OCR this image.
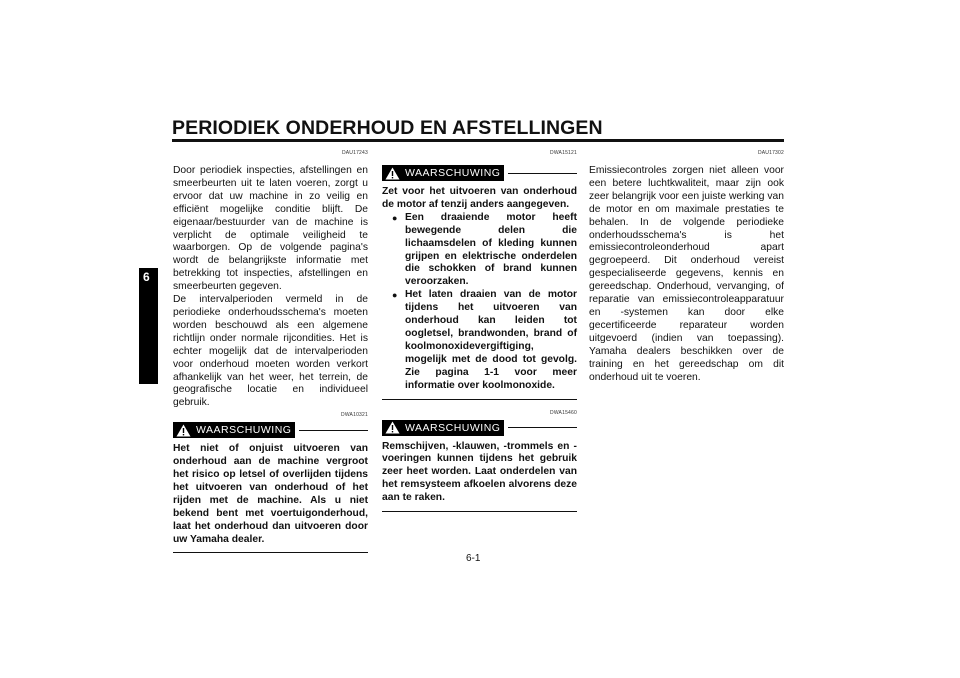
PERIODIEK ONDERHOUD EN AFSTELLINGEN
6
DAU17243

Door periodiek inspecties, afstellingen en smeerbeurten uit te laten voeren, zorgt u ervoor dat uw machine in zo veilig en efficiënt mogelijke conditie blijft. De eigenaar/bestuurder van de machine is verplicht de optimale veiligheid te waarborgen. Op de volgende pagina's wordt de belangrijkste informatie met betrekking tot inspecties, afstellingen en smeerbeurten gegeven.

De intervalperioden vermeld in de periodieke onderhoudsschema's moeten worden beschouwd als een algemene richtlijn onder normale rijcondities. Het is echter mogelijk dat de intervalperioden voor onderhoud moeten worden verkort afhankelijk van het weer, het terrein, de geografische locatie en individueel gebruik.

DWA10321
WAARSCHUWING

Het niet of onjuist uitvoeren van onderhoud aan de machine vergroot het risico op letsel of overlijden tijdens het uitvoeren van onderhoud of het rijden met de machine. Als u niet bekend bent met voertuigonderhoud, laat het onderhoud dan uitvoeren door uw Yamaha dealer.

DWA15121
WAARSCHUWING

Zet voor het uitvoeren van onderhoud de motor af tenzij anders aangegeven.

● Een draaiende motor heeft bewegende delen die lichaamsdelen of kleding kunnen grijpen en elektrische onderdelen die schokken of brand kunnen veroorzaken.
● Het laten draaien van de motor tijdens het uitvoeren van onderhoud kan leiden tot oogletsel, brandwonden, brand of koolmonoxidevergiftiging, mogelijk met de dood tot gevolg. Zie pagina 1-1 voor meer informatie over koolmonoxide.
DWA15460
WAARSCHUWING

Remschijven, -klauwen, -trommels en -voeringen kunnen tijdens het gebruik zeer heet worden. Laat onderdelen van het remsysteem afkoelen alvorens deze aan te raken.

DAU17302

Emissiecontroles zorgen niet alleen voor een betere luchtkwaliteit, maar zijn ook zeer belangrijk voor een juiste werking van de motor en om maximale prestaties te behalen. In de volgende periodieke onderhoudsschema's is het emissiecontroleonderhoud apart gegroepeerd. Dit onderhoud vereist gespecialiseerde gegevens, kennis en gereedschap. Onderhoud, vervanging, of reparatie van emissiecontroleapparatuur en -systemen kan door elke gecertificeerde reparateur worden uitgevoerd (indien van toepassing). Yamaha dealers beschikken over de training en het gereedschap om dit onderhoud uit te voeren.

6-1
